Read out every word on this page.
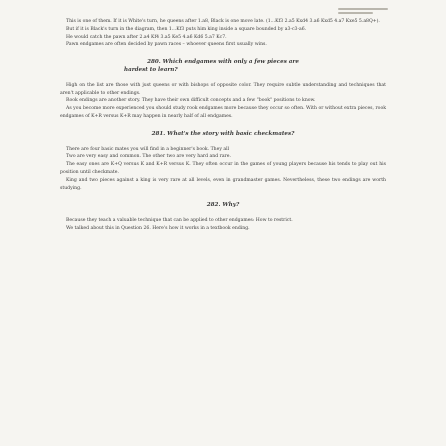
This is one of them. If it is White's turn, he queens after 1.a8, Black is one move late. (1...Kf3 2.a5 Kxd4 3.a6 Kxd5 4.a7 Kxe5 5.a8Q+).

But if it is Black's turn in the diagram, then 1...Kf3 puts him king inside a square bounded by a3-c3-a6.

He would catch the pawn after 2.a4 Kf4 3.a5 Ke5 4.a6 Kd6 5.a7 Kc7.

Pawn endgames are often decided by pawn races – whoever queens first usually wins.

280. Which endgames with only a few pieces are
hardest to learn?

High on the list are those with just queens or with bishops of opposite color. They require subtle understanding and techniques that aren't applicable to other endings.

Rook endings are another story. They have their own difficult concepts and a few "book" positions to know.

As you become more experienced you should study rook endgames more because they occur so often. With or without extra pieces, rook endgames of K+R versus K+R may happen in nearly half of all endgames.

281. What's the story with basic checkmates?

There are four basic mates you will find in a beginner's book. They all

Two are very easy and common. The other two are very hard and rare.

The easy ones are K+Q versus K and K+R versus K. They often occur in the games of young players because his tends to play out his position until checkmate.

King and two pieces against a king is very rare at all levels, even in grandmaster games. Nevertheless, these two endings are worth studying.

282. Why?

Because they teach a valuable technique that can be applied to other endgames: How to restrict.

We talked about this in Question 26. Here's how it works in a textbook ending.
